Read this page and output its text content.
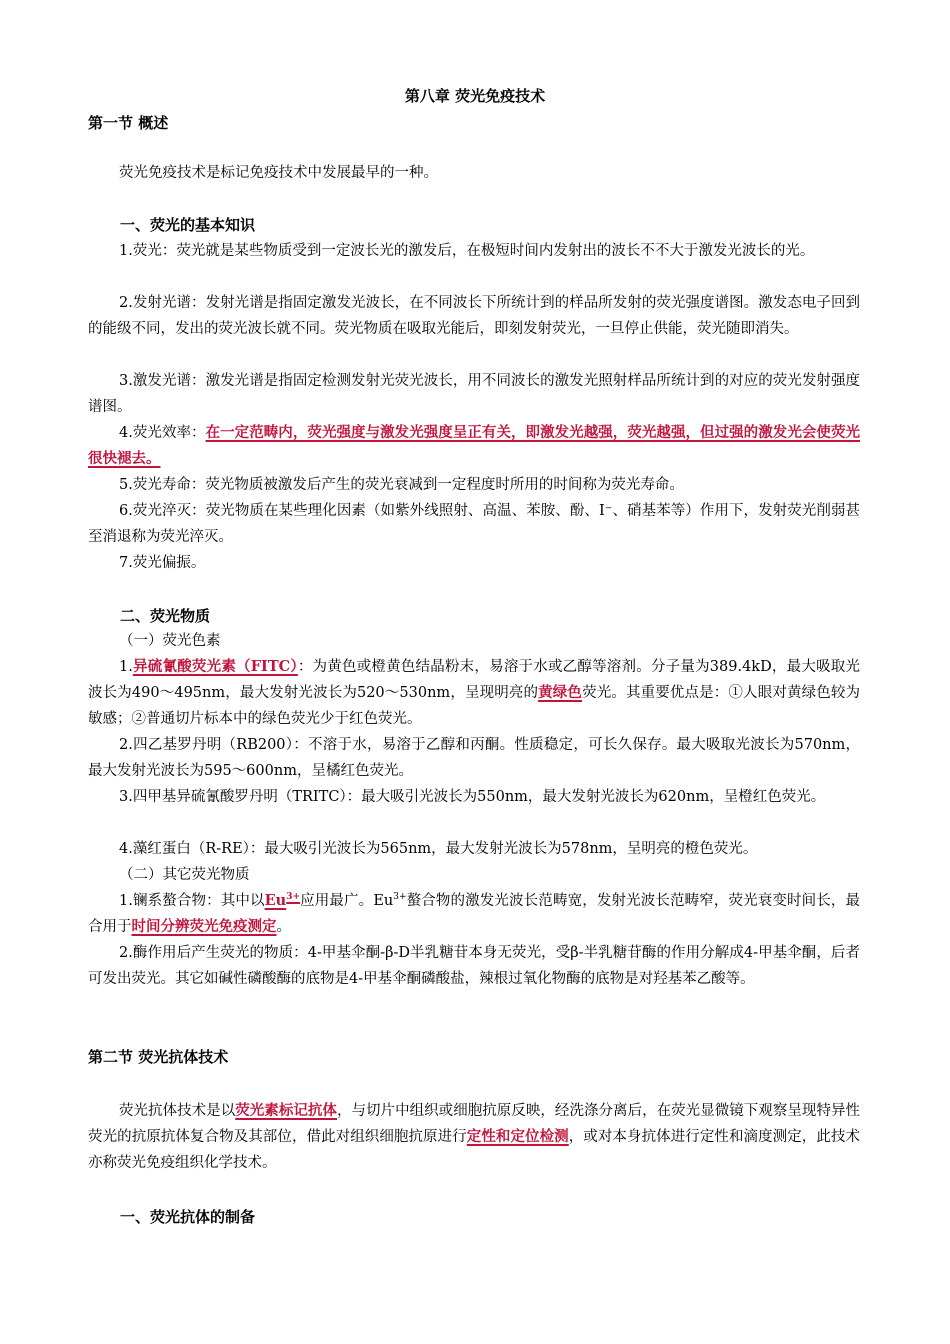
第八章 荧光免疫技术
第一节 概述
荧光免疫技术是标记免疫技术中发展最早的一种。
一、荧光的基本知识
1.荧光：荧光就是某些物质受到一定波长光的激发后，在极短时间内发射出的波长不不大于激发光波长的光。
2.发射光谱：发射光谱是指固定激发光波长，在不同波长下所统计到的样品所发射的荧光强度谱图。激发态电子回到的能级不同，发出的荧光波长就不同。荧光物质在吸取光能后，即刻发射荧光，一旦停止供能，荧光随即消失。
3.激发光谱：激发光谱是指固定检测发射光荧光波长，用不同波长的激发光照射样品所统计到的对应的荧光发射强度谱图。
4.荧光效率：在一定范畴内，荧光强度与激发光强度呈正有关，即激发光越强，荧光越强，但过强的激发光会使荧光很快褪去。
5.荧光寿命：荧光物质被激发后产生的荧光衰减到一定程度时所用的时间称为荧光寿命。
6.荧光淬灭：荧光物质在某些理化因素（如紫外线照射、高温、苯胺、酚、I⁻、硝基苯等）作用下，发射荧光削弱甚至消退称为荧光淬灭。
7.荧光偏振。
二、荧光物质
（一）荧光色素
1.异硫氰酸荧光素（FITC）：为黄色或橙黄色结晶粉末，易溶于水或乙醇等溶剂。分子量为389.4kD，最大吸取光波长为490～495nm，最大发射光波长为520～530nm，呈现明亮的黄绿色荧光。其重要优点是：①人眼对黄绿色较为敏感；②普通切片标本中的绿色荧光少于红色荧光。
2.四乙基罗丹明（RB200）：不溶于水，易溶于乙醇和丙酮。性质稳定，可长久保存。最大吸取光波长为570nm，最大发射光波长为595～600nm，呈橘红色荧光。
3.四甲基异硫氰酸罗丹明（TRITC）：最大吸引光波长为550nm，最大发射光波长为620nm，呈橙红色荧光。
4.藻红蛋白（R-RE）：最大吸引光波长为565nm，最大发射光波长为578nm，呈明亮的橙色荧光。
（二）其它荧光物质
1.镧系螯合物：其中以$Eu^{3+}$应用最广。$Eu^{3+}$螯合物的激发光波长范畴宽，发射光波长范畴窄，荧光衰变时间长，最合用于时间分辨荧光免疫测定。
2.酶作用后产生荧光的物质：4-甲基伞酮-β-D半乳糖苷本身无荧光，受β-半乳糖苷酶的作用分解成4-甲基伞酮，后者可发出荧光。其它如碱性磷酸酶的底物是4-甲基伞酮磷酸盐，辣根过氧化物酶的底物是对羟基苯乙酸等。
第二节 荧光抗体技术
荧光抗体技术是以荧光素标记抗体，与切片中组织或细胞抗原反映，经洗涤分离后，在荧光显微镜下观察呈现特异性荧光的抗原抗体复合物及其部位，借此对组织细胞抗原进行定性和定位检测，或对本身抗体进行定性和滴度测定，此技术亦称荧光免疫组织化学技术。
一、荧光抗体的制备
